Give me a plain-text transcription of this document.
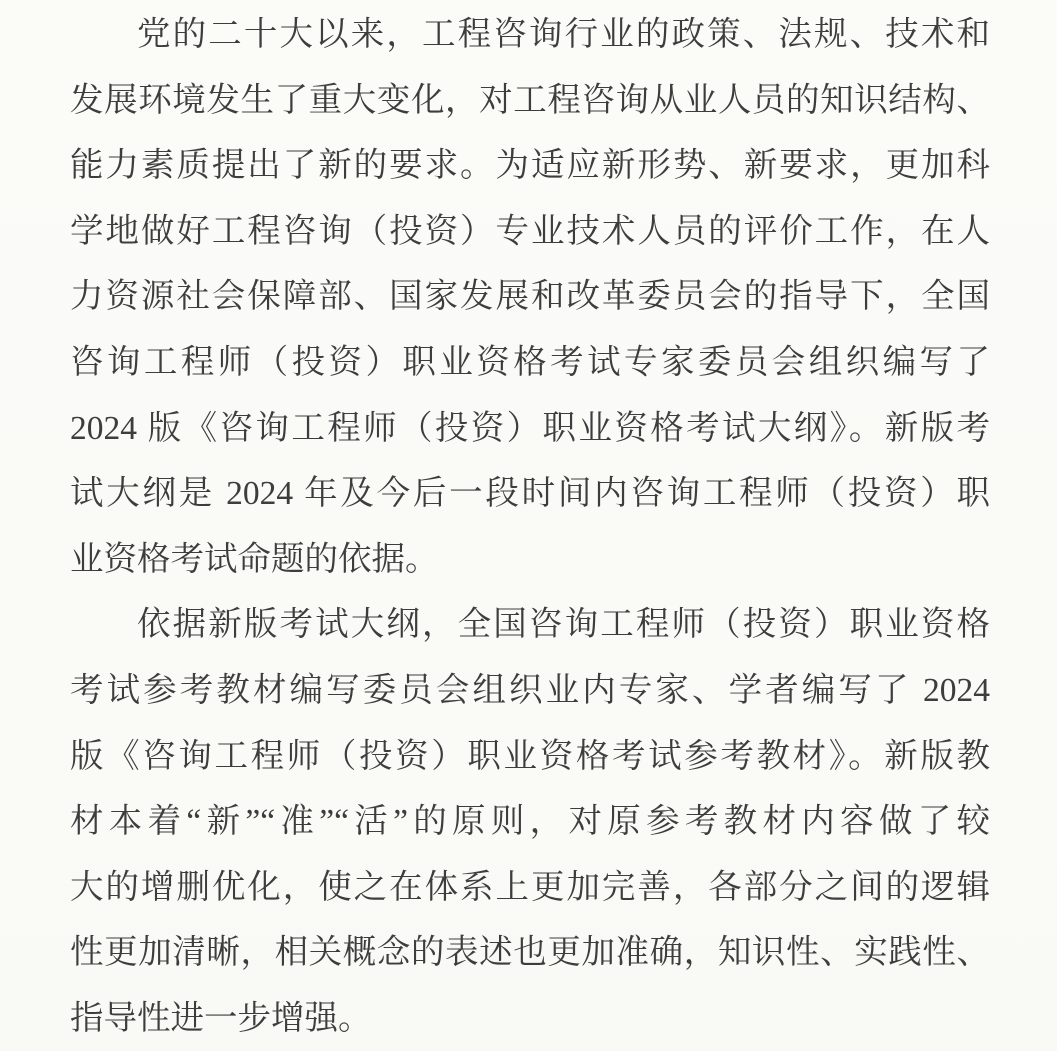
党的二十大以来，工程咨询行业的政策、法规、技术和
发展环境发生了重大变化，对工程咨询从业人员的知识结构、
能力素质提出了新的要求。为适应新形势、新要求，更加科
学地做好工程咨询（投资）专业技术人员的评价工作，在人
力资源社会保障部、国家发展和改革委员会的指导下，全国
咨询工程师（投资）职业资格考试专家委员会组织编写了
2024 版《咨询工程师（投资）职业资格考试大纲》。新版考
试大纲是 2024 年及今后一段时间内咨询工程师（投资）职
业资格考试命题的依据。
依据新版考试大纲，全国咨询工程师（投资）职业资格
考试参考教材编写委员会组织业内专家、学者编写了 2024
版《咨询工程师（投资）职业资格考试参考教材》。新版教
材本着“新”“准”“活”的原则，对原参考教材内容做了较
大的增删优化，使之在体系上更加完善，各部分之间的逻辑
性更加清晰，相关概念的表述也更加准确，知识性、实践性、
指导性进一步增强。
